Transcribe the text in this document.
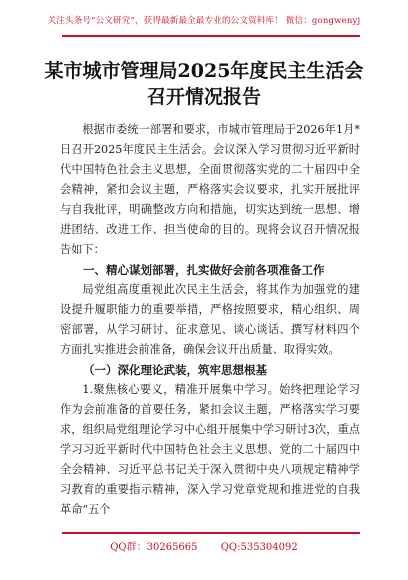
关注头条号“公文研究”，获得最新最全最专业的公文资料库！ 微信：gongwenyj
某市城市管理局2025年度民主生活会召开情况报告

根据市委统一部署和要求，市城市管理局于2026年1月*日召开2025年度民主生活会。会议深入学习贯彻习近平新时代中国特色社会主义思想，全面贯彻落实党的二十届四中全会精神，紧扣会议主题，严格落实会议要求，扎实开展批评与自我批评，明确整改方向和措施，切实达到统一思想、增进团结、改进工作、担当使命的目的。现将会议召开情况报告如下：

一、精心谋划部署，扎实做好会前各项准备工作

局党组高度重视此次民主生活会，将其作为加强党的建设提升履职能力的重要举措，严格按照要求，精心组织、周密部署，从学习研讨、征求意见、谈心谈话、撰写材料四个方面扎实推进会前准备，确保会议开出质量、取得实效。

（一）深化理论武装，筑牢思想根基

1.聚焦核心要义，精准开展集中学习。始终把理论学习作为会前准备的首要任务，紧扣会议主题，严格落实学习要求，组织局党组理论学习中心组开展集中学习研讨3次，重点学习习近平新时代中国特色社会主义思想、党的二十届四中全会精神、习近平总书记关于深入贯彻中央八项规定精神学习教育的重要指示精神，深入学习党章党规和推进党的自我革命“五个

QQ群：30265665 QQ:535304092
